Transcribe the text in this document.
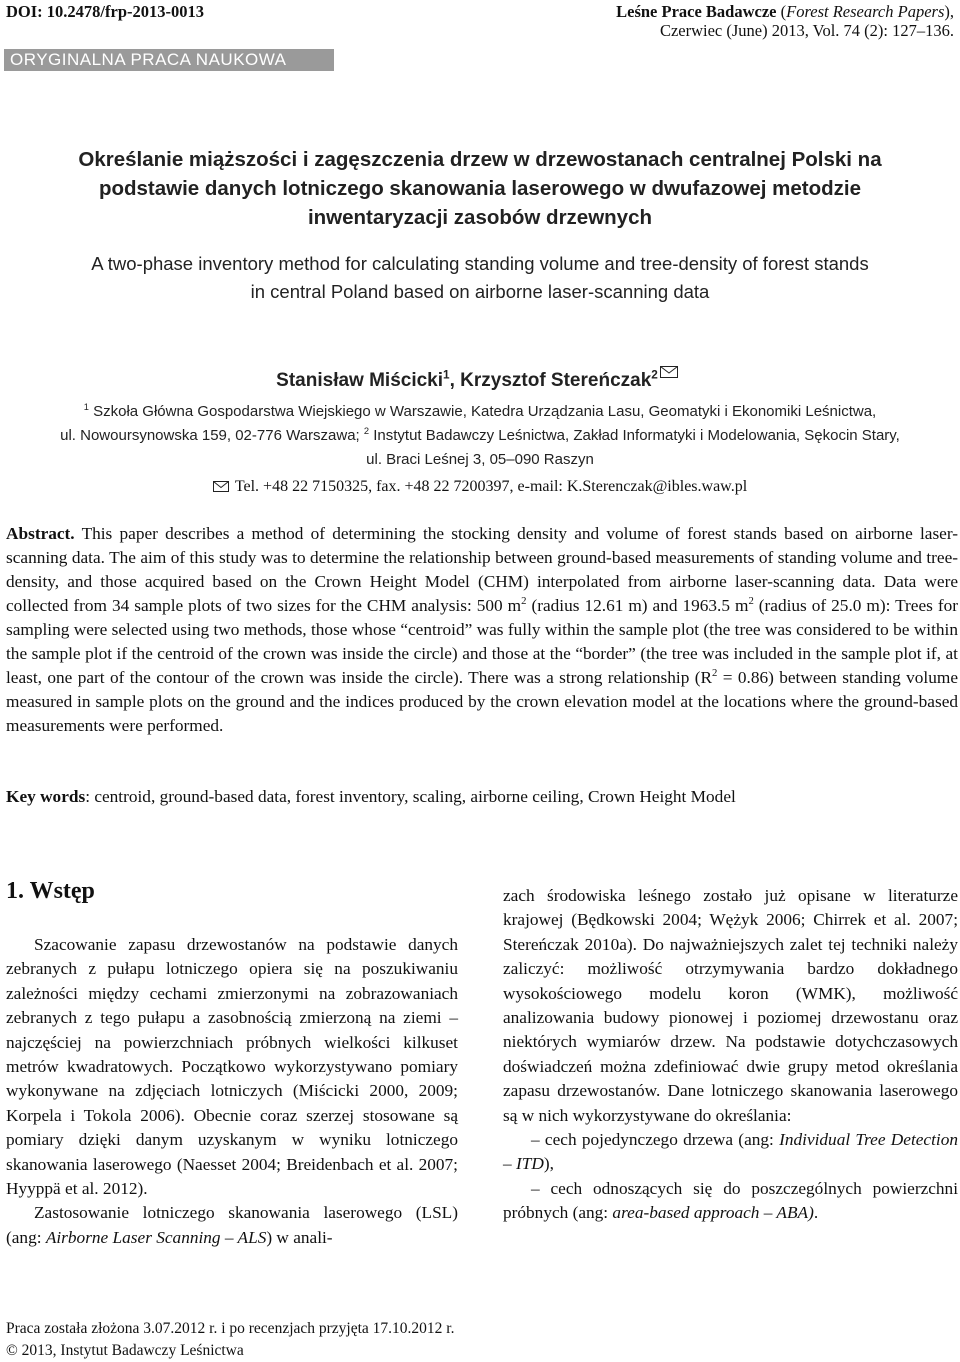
DOI: 10.2478/frp-2013-0013	Leśne Prace Badawcze (Forest Research Papers),
Czerwiec (June) 2013, Vol. 74 (2): 127–136.
ORYGINALNA PRACA NAUKOWA
Określanie miąższości i zagęszczenia drzew w drzewostanach centralnej Polski na
podstawie danych lotniczego skanowania laserowego w dwufazowej metodzie
inwentaryzacji zasobów drzewnych
A two-phase inventory method for calculating standing volume and tree-density of forest stands
in central Poland based on airborne laser-scanning data
Stanisław Miścicki$^1$, Krzysztof Stereńczak$^2$
$^1$ Szkoła Główna Gospodarstwa Wiejskiego w Warszawie, Katedra Urządzania Lasu, Geomatyki i Ekonomiki Leśnictwa,
ul. Nowoursynowska 159, 02-776 Warszawa; $^2$ Instytut Badawczy Leśnictwa, Zakład Informatyki i Modelowania, Sękocin Stary,
ul. Braci Leśnej 3, 05–090 Raszyn
Tel. +48 22 7150325, fax. +48 22 7200397, e-mail: K.Sterenczak@ibles.waw.pl
Abstract. This paper describes a method of determining the stocking density and volume of forest stands based on airborne laser-scanning data. The aim of this study was to determine the relationship between ground-based measurements of standing volume and tree-density, and those acquired based on the Crown Height Model (CHM) interpolated from airborne laser-scanning data. Data were collected from 34 sample plots of two sizes for the CHM analysis: 500 $m^2$ (radius 12.61 m) and 1963.5 $m^2$ (radius of 25.0 m): Trees for sampling were selected using two methods, those whose “centroid” was fully within the sample plot (the tree was considered to be within the sample plot if the centroid of the crown was inside the circle) and those at the “border” (the tree was included in the sample plot if, at least, one part of the contour of the crown was inside the circle). There was a strong relationship $(R^2 = 0.86)$ between standing volume measured in sample plots on the ground and the indices produced by the crown elevation model at the locations where the ground-based measurements were performed.
Key words: centroid, ground-based data, forest inventory, scaling, airborne ceiling, Crown Height Model
1. Wstęp

Szacowanie zapasu drzewostanów na podstawie danych zebranych z pułapu lotniczego opiera się na poszukiwaniu zależności między cechami zmierzonymi na zobrazowaniach zebranych z tego pułapu a zasobnością zmierzoną na ziemi – najczęściej na powierzchniach próbnych wielkości kilkuset metrów kwadratowych. Początkowo wykorzystywano pomiary wykonywane na zdjęciach lotniczych (Miścicki 2000, 2009; Korpela i Tokola 2006). Obecnie coraz szerzej stosowane są pomiary dzięki danym uzyskanym w wyniku lotniczego skanowania laserowego (Naesset 2004; Breidenbach et al. 2007; Hyyppä et al. 2012).

Zastosowanie lotniczego skanowania laserowego (LSL) (ang: Airborne Laser Scanning – ALS) w anali-

zach środowiska leśnego zostało już opisane w literaturze krajowej (Będkowski 2004; Wężyk 2006; Chirrek et al. 2007; Stereńczak 2010a). Do najważniejszych zalet tej techniki należy zaliczyć: możliwość otrzymywania bardzo dokładnego wysokościowego modelu koron (WMK), możliwość analizowania budowy pionowej i poziomej drzewostanu oraz niektórych wymiarów drzew. Na podstawie dotychczasowych doświadczeń można zdefiniować dwie grupy metod określania zapasu drzewostanów. Dane lotniczego skanowania laserowego są w nich wykorzystywane do określania:

– cech pojedynczego drzewa (ang: Individual Tree Detection – ITD),

– cech odnoszących się do poszczególnych powierzchni próbnych (ang: area-based approach – ABA).

Praca została złożona 3.07.2012 r. i po recenzjach przyjęta 17.10.2012 r.
© 2013, Instytut Badawczy Leśnictwa
